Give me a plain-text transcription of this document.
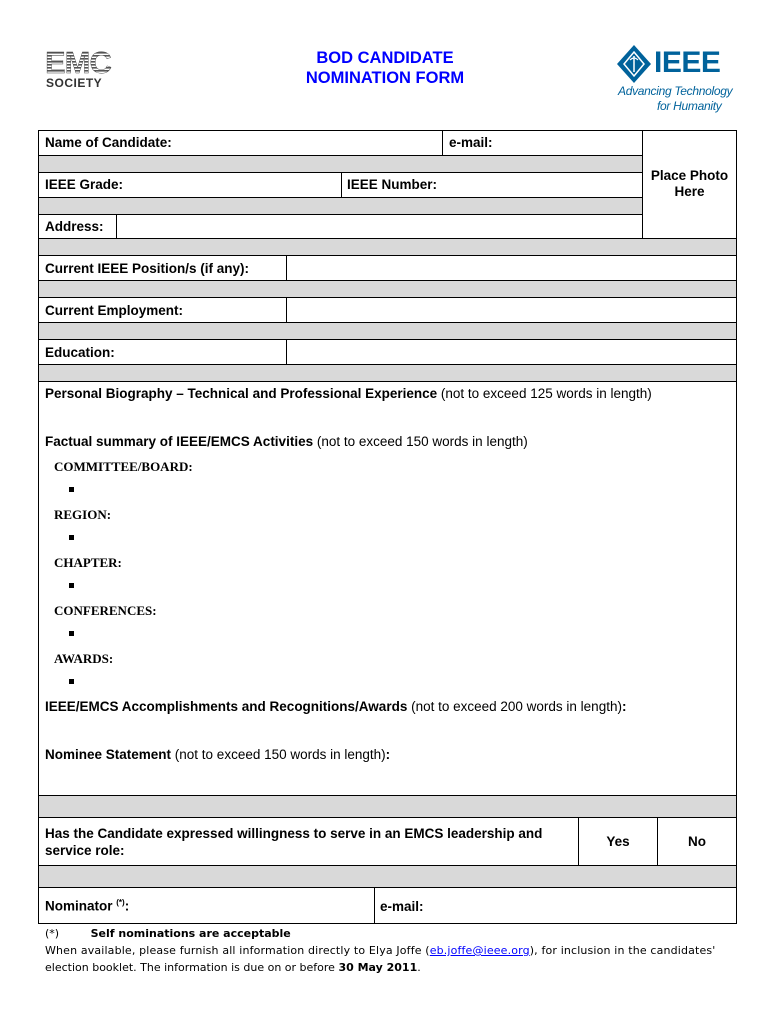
EMC
SOCIETY
BOD CANDIDATE
NOMINATION FORM	IEEE
Advancing Technology
for Humanity
Name of Candidate:	e-mail:
Place Photo
Here
IEEE Grade:	IEEE Number:
Address:
Current IEEE Position/s (if any):
Current Employment:
Education:
Personal Biography – Technical and Professional Experience (not to exceed 125 words in length)
Factual summary of IEEE/EMCS Activities (not to exceed 150 words in length)
COMMITTEE/BOARD:
REGION:
CHAPTER:
CONFERENCES:
AWARDS:
IEEE/EMCS Accomplishments and Recognitions/Awards (not to exceed 200 words in length):
Nominee Statement (not to exceed 150 words in length):
Has the Candidate expressed willingness to serve in an EMCS leadership and
service role:
Yes	No
Nominator (*):	e-mail:
(*)	Self nominations are acceptable
When available, please furnish all information directly to Elya Joffe (eb.joffe@ieee.org), for inclusion in the candidates'
election booklet. The information is due on or before 30 May 2011.
